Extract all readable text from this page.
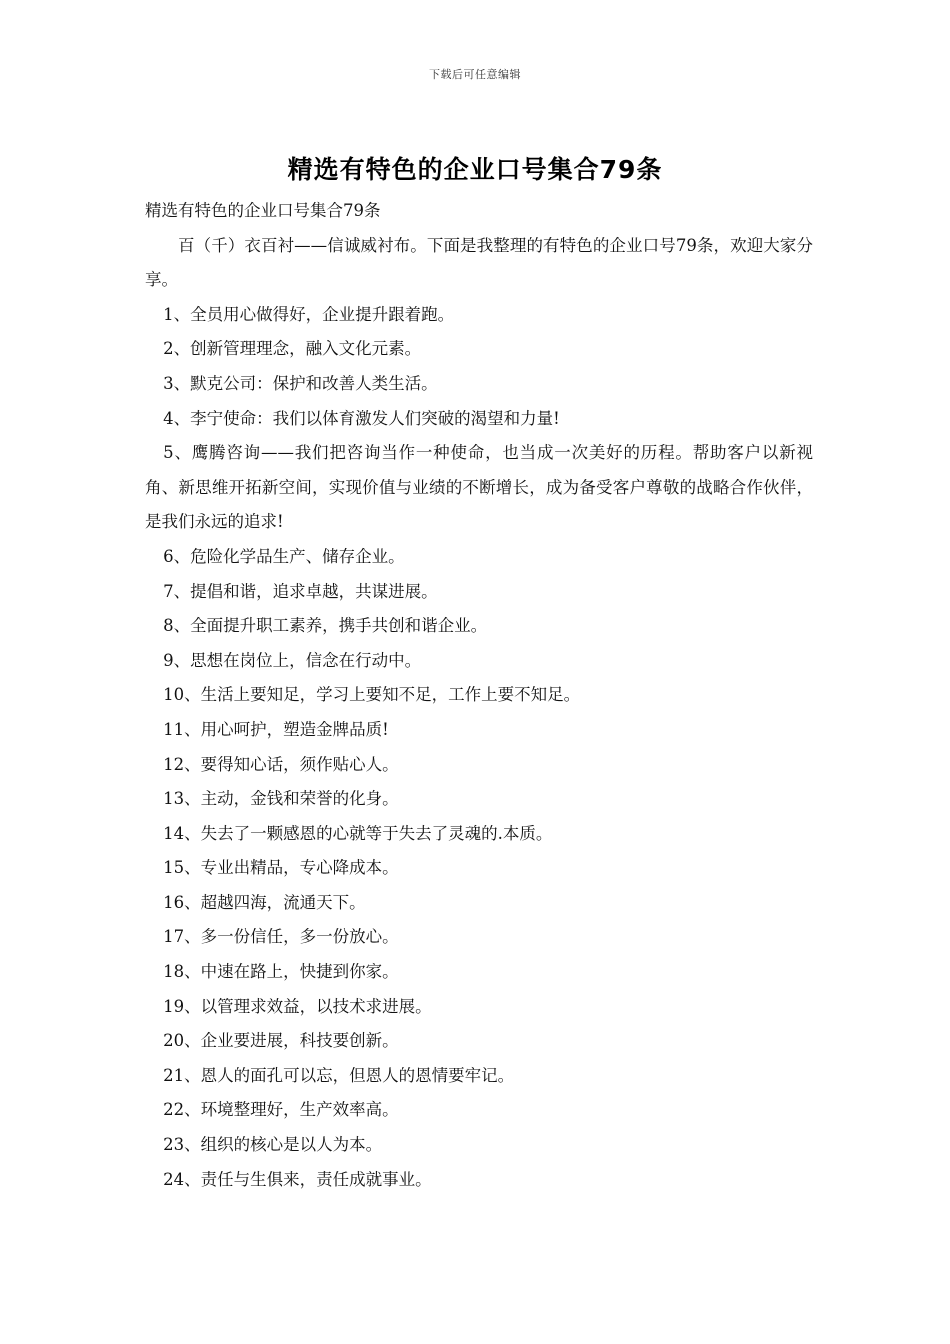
下载后可任意编辑
精选有特色的企业口号集合79条

精选有特色的企业口号集合79条

百（千）衣百衬——信诚威衬布。下面是我整理的有特色的企业口号79条，欢迎大家分享。

1、全员用心做得好，企业提升跟着跑。

2、创新管理理念，融入文化元素。

3、默克公司：保护和改善人类生活。

4、李宁使命：我们以体育激发人们突破的渴望和力量!

5、鹰腾咨询——我们把咨询当作一种使命，也当成一次美好的历程。帮助客户以新视角、新思维开拓新空间，实现价值与业绩的不断增长，成为备受客户尊敬的战略合作伙伴，是我们永远的追求!

6、危险化学品生产、储存企业。

7、提倡和谐，追求卓越，共谋进展。

8、全面提升职工素养，携手共创和谐企业。

9、思想在岗位上，信念在行动中。

10、生活上要知足，学习上要知不足，工作上要不知足。

11、用心呵护，塑造金牌品质!

12、要得知心话，须作贴心人。

13、主动，金钱和荣誉的化身。

14、失去了一颗感恩的心就等于失去了灵魂的.本质。

15、专业出精品，专心降成本。

16、超越四海，流通天下。

17、多一份信任，多一份放心。

18、中速在路上，快捷到你家。

19、以管理求效益，以技术求进展。

20、企业要进展，科技要创新。

21、恩人的面孔可以忘，但恩人的恩情要牢记。

22、环境整理好，生产效率高。

23、组织的核心是以人为本。

24、责任与生俱来，责任成就事业。
